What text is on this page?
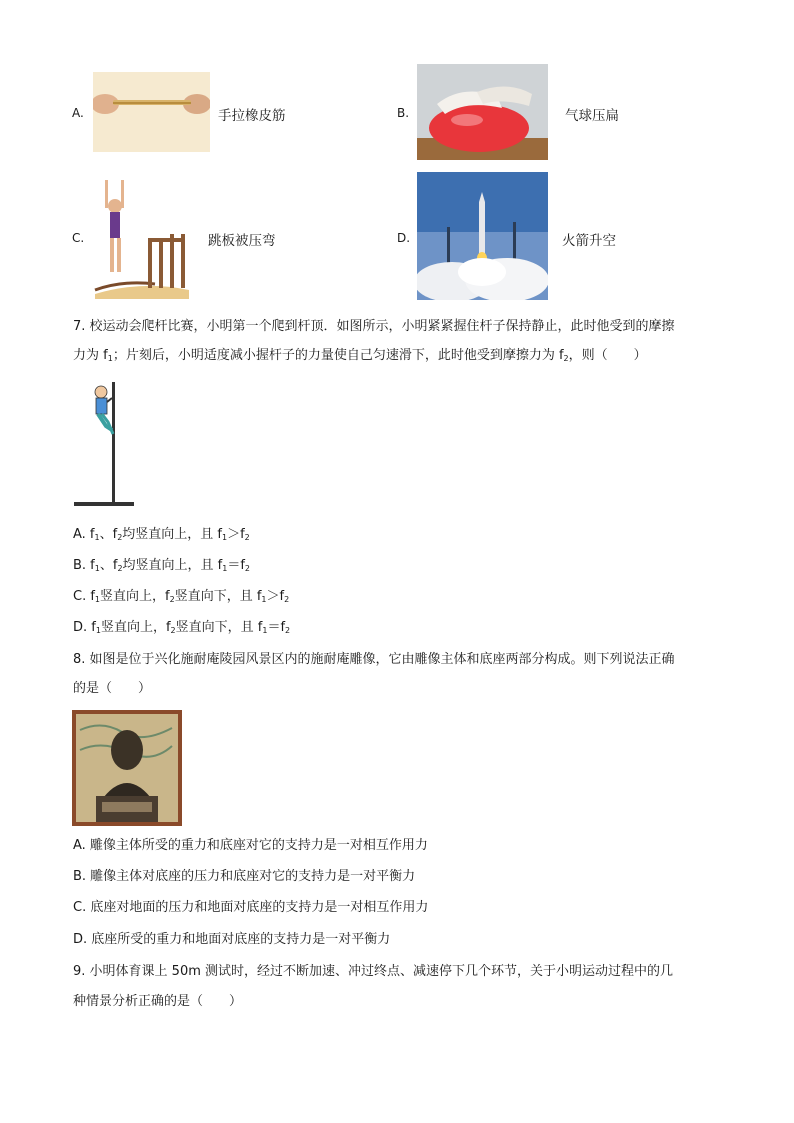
A.	手拉橡皮筋	B.	气球压扁
C.	跳板被压弯	D.	火箭升空
7. 校运动会爬杆比赛，小明第一个爬到杆顶．如图所示，小明紧紧握住杆子保持静止，此时他受到的摩擦
力为 $f_1$；片刻后，小明适度减小握杆子的力量使自己匀速滑下，此时他受到摩擦力为 $f_2$，则（　　）
A. $f_1$、$f_2$均竖直向上，且 $f_1>f_2$
B. $f_1$、$f_2$均竖直向上，且 $f_1=f_2$
C. $f_1$竖直向上，$f_2$竖直向下，且 $f_1>f_2$
D. $f_1$竖直向上，$f_2$竖直向下，且 $f_1=f_2$
8. 如图是位于兴化施耐庵陵园风景区内的施耐庵雕像，它由雕像主体和底座两部分构成。则下列说法正确
的是（　　）
A. 雕像主体所受的重力和底座对它的支持力是一对相互作用力
B. 雕像主体对底座的压力和底座对它的支持力是一对平衡力
C. 底座对地面的压力和地面对底座的支持力是一对相互作用力
D. 底座所受的重力和地面对底座的支持力是一对平衡力
9. 小明体育课上 50m 测试时，经过不断加速、冲过终点、减速停下几个环节，关于小明运动过程中的几
种情景分析正确的是（　　）
